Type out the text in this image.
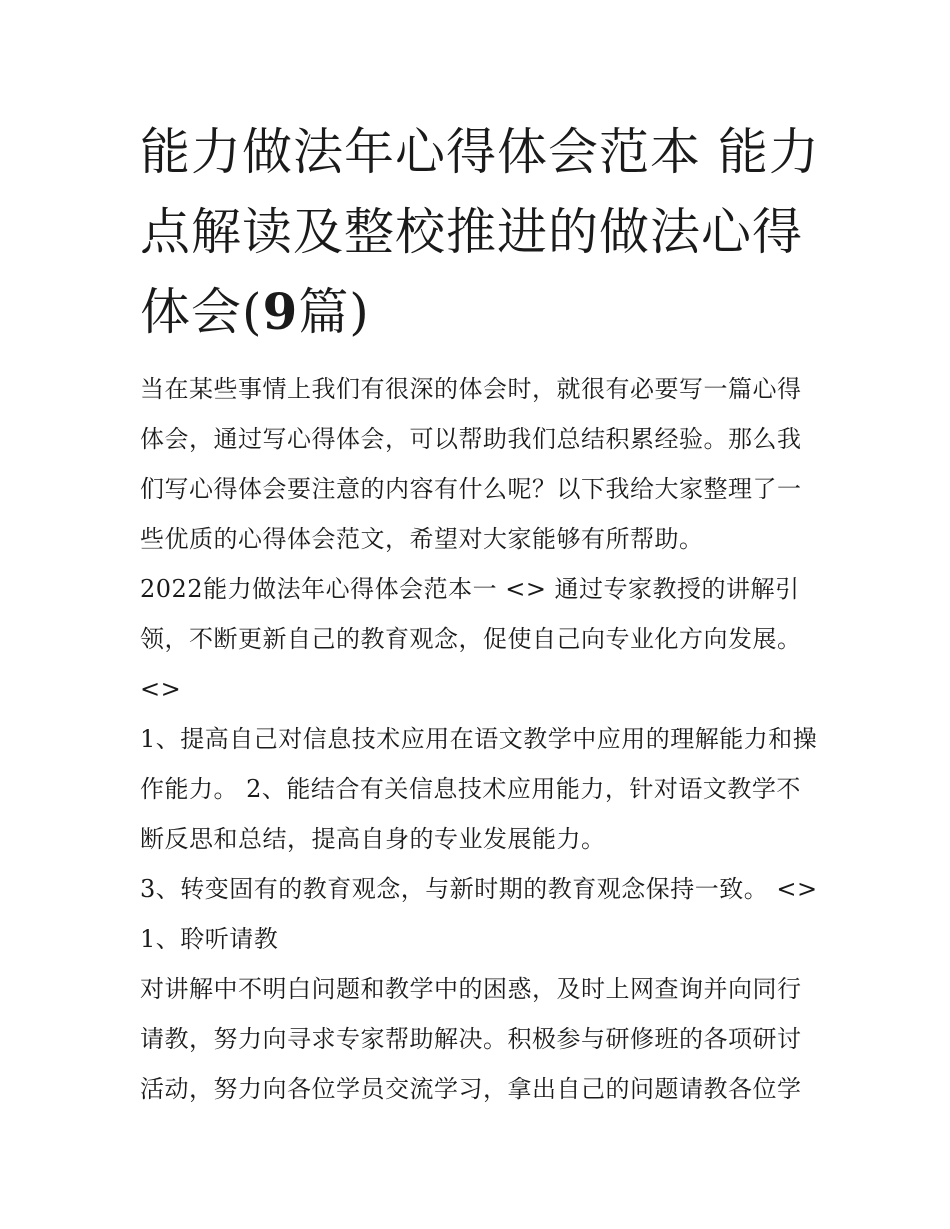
能力做法年心得体会范本 能力
点解读及整校推进的做法心得
体会(9篇)

当在某些事情上我们有很深的体会时，就很有必要写一篇心得体会，通过写心得体会，可以帮助我们总结积累经验。那么我们写心得体会要注意的内容有什么呢？以下我给大家整理了一些优质的心得体会范文，希望对大家能够有所帮助。

2022能力做法年心得体会范本一 <> 通过专家教授的讲解引领，不断更新自己的教育观念，促使自己向专业化方向发展。 <>

1、提高自己对信息技术应用在语文教学中应用的理解能力和操作能力。 2、能结合有关信息技术应用能力，针对语文教学不断反思和总结，提高自身的专业发展能力。

3、转变固有的教育观念，与新时期的教育观念保持一致。 <>

1、聆听请教

对讲解中不明白问题和教学中的困惑，及时上网查询并向同行请教，努力向寻求专家帮助解决。积极参与研修班的各项研讨活动，努力向各位学员交流学习，拿出自己的问题请教各位学
